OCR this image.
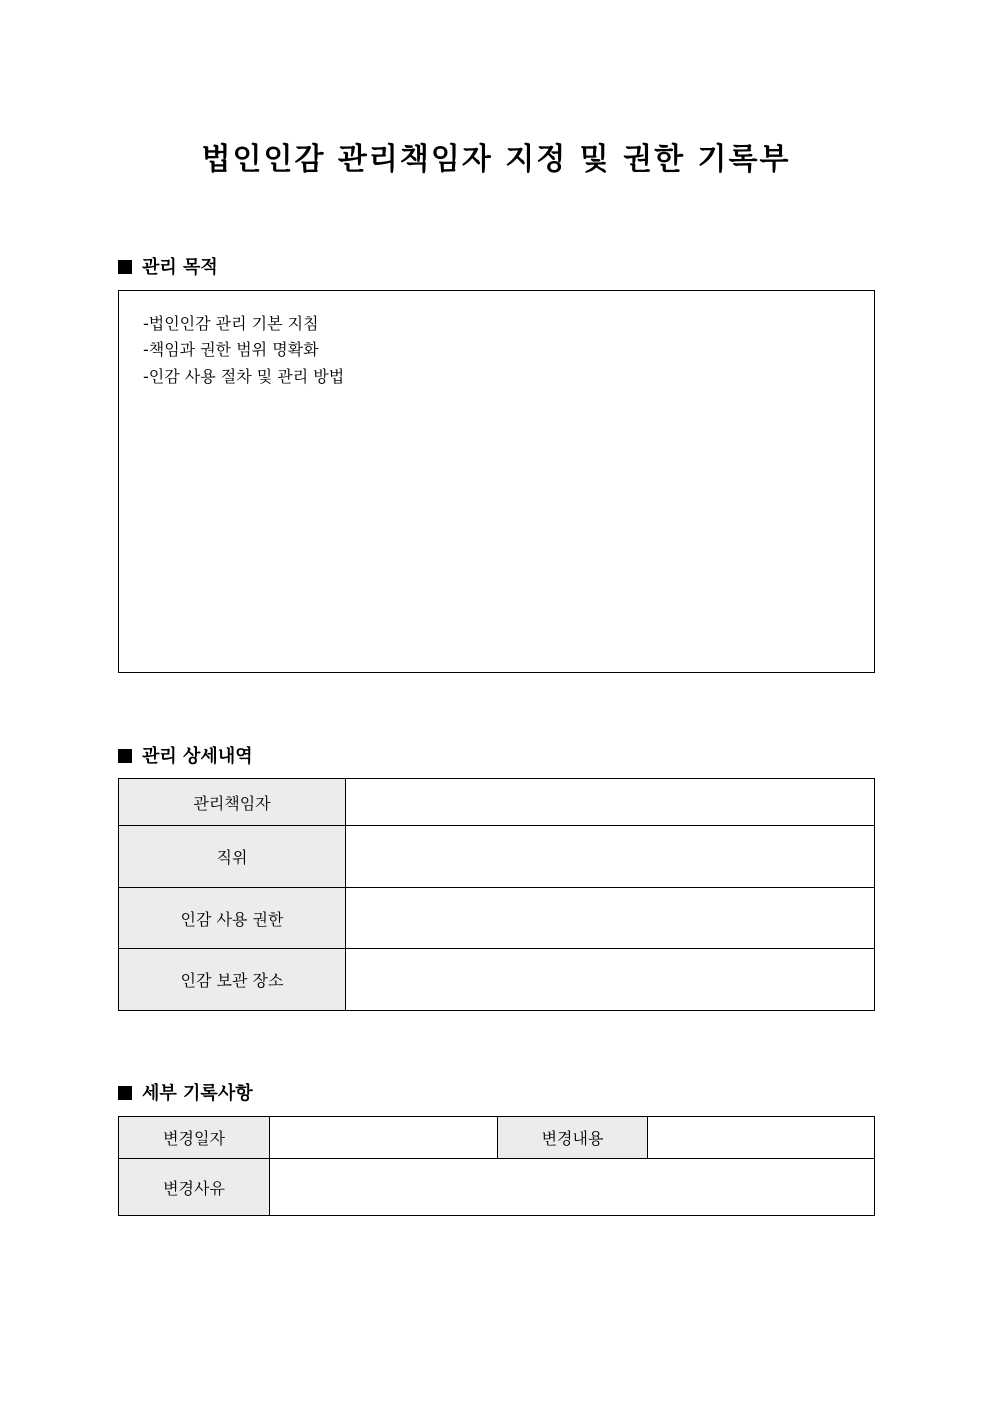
법인인감 관리책임자 지정 및 권한 기록부
관리 목적
-법인인감 관리 기본 지침
-책임과 권한 범위 명확화
-인감 사용 절차 및 관리 방법
관리 상세내역
관리책임자	
직위	
인감 사용 권한	
인감 보관 장소	
세부 기록사항
변경일자		변경내용	
변경사유			
